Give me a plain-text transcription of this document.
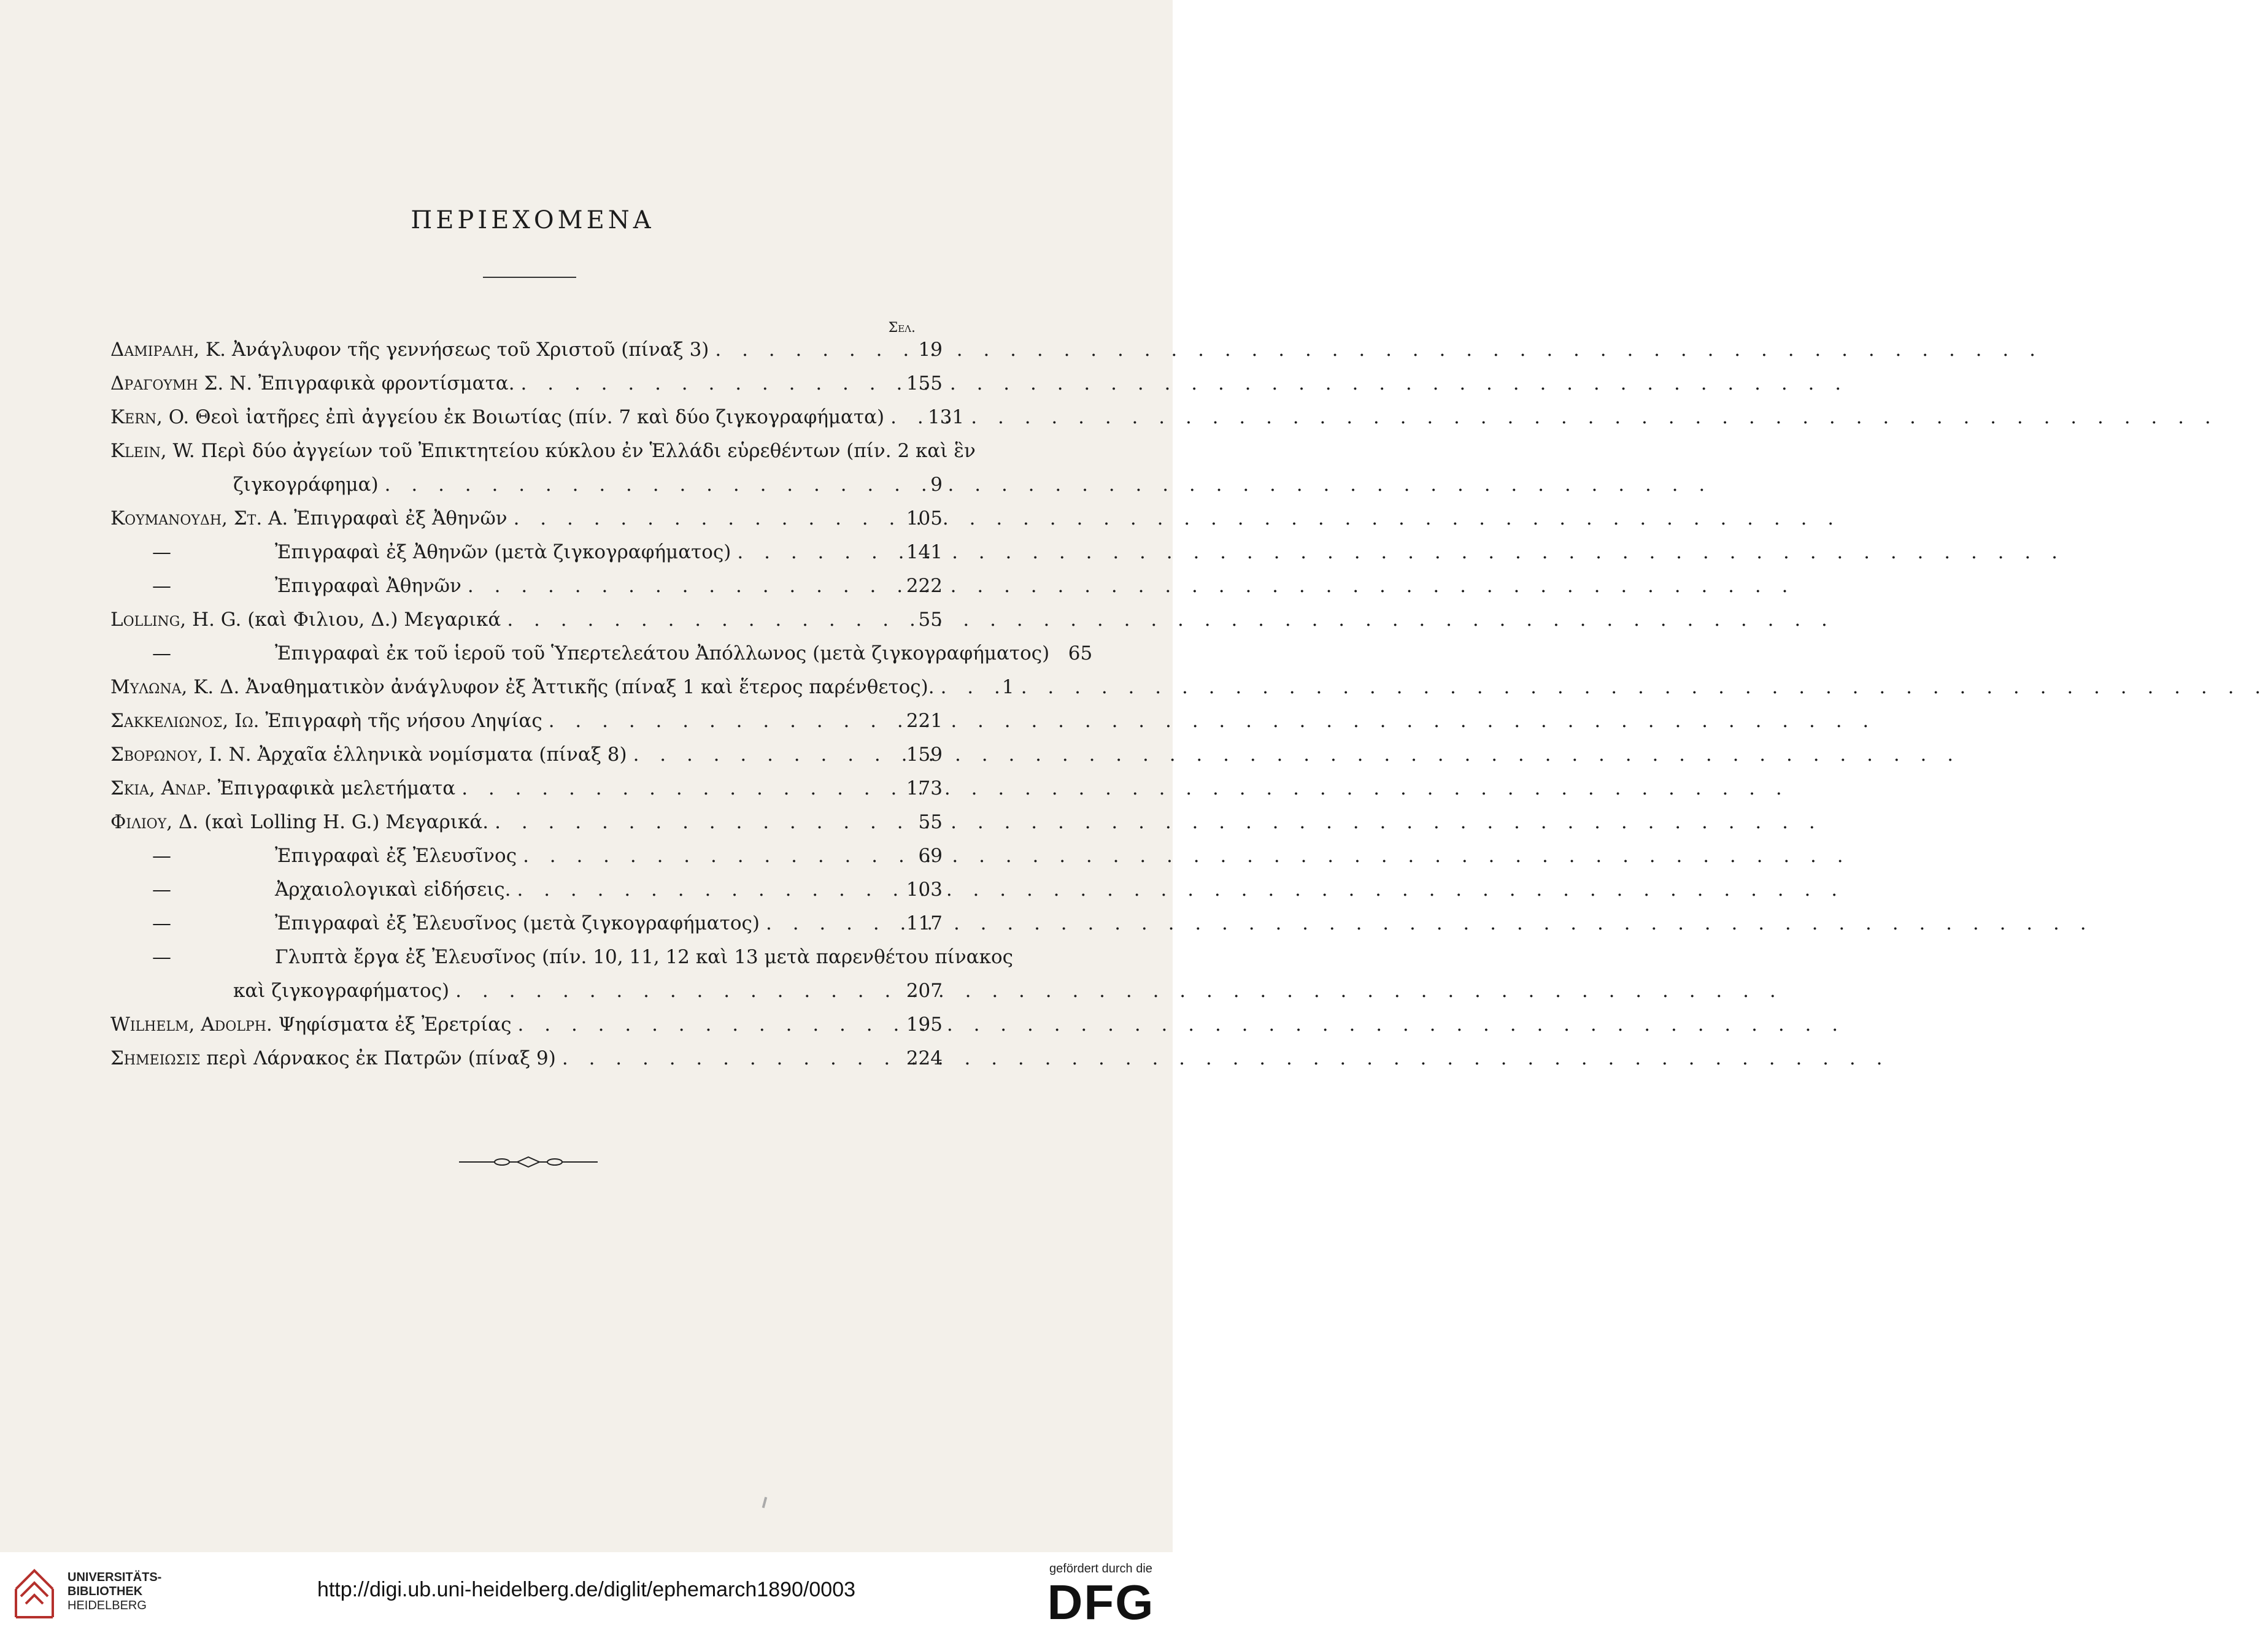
ΠΕΡΙΕΧΟΜΕΝΑ
Σελ.
Δαμιραλη, Κ.
Ἀνάγλυφον τῆς γεννήσεως τοῦ Χριστοῦ (πίναξ 3) . . .	19
Δραγουμη Σ. Ν.
Ἐπιγραφικὰ φροντίσματα. . . .	155
Kern, O.
Θεοὶ ἰατῆρες ἐπὶ ἀγγείου ἐκ Βοιωτίας (πίν. 7 καὶ δύο ζιγκογραφήματα) . . .	131
Klein, W.
Περὶ δύο ἀγγείων τοῦ Ἐπικτητείου κύκλου ἐν Ἑλλάδι εὑρεθέντων (πίν. 2 καὶ ἓν
ζιγκογράφημα) . . .	9
Κουμανουδη, Στ. Α.
Ἐπιγραφαὶ ἐξ Ἀθηνῶν . . .	105
—	Ἐπιγραφαὶ ἐξ Ἀθηνῶν (μετὰ ζιγκογραφήματος) . . .	141
—	Ἐπιγραφαὶ Ἀθηνῶν . . .	222
Lolling, H. G.
(καὶ Φιλιου, Δ.) Μεγαρικά . . .	55
—	Ἐπιγραφαὶ ἐκ τοῦ ἱεροῦ τοῦ Ὑπερτελεάτου Ἀπόλλωνος (μετὰ ζιγκογραφήματος) 65
Μυλωνα, Κ. Δ.
Ἀναθηματικὸν ἀνάγλυφον ἐξ Ἀττικῆς (πίναξ 1 καὶ ἕτερος παρένθετος). . . .	1
Σακκελιωνος, Ιω.
Ἐπιγραφὴ τῆς νήσου Ληψίας . . .	221
Σβορωνου, Ι. Ν.
Ἀρχαῖα ἑλληνικὰ νομίσματα (πίναξ 8) . . .	159
Σκια, Ανδρ.
Ἐπιγραφικὰ μελετήματα . . .	173
Φιλιου, Δ.
(καὶ Lolling H. G.) Μεγαρικά. . . .	55
—	Ἐπιγραφαὶ ἐξ Ἐλευσῖνος . . .	69
—	Ἀρχαιολογικαὶ εἰδήσεις. . . .	103
—	Ἐπιγραφαὶ ἐξ Ἐλευσῖνος (μετὰ ζιγκογραφήματος) . . .	117
—	Γλυπτὰ ἔργα ἐξ Ἐλευσῖνος (πίν. 10, 11, 12 καὶ 13 μετὰ παρενθέτου πίνακος
καὶ ζιγκογραφήματος) . . .	207
Wilhelm, Adolph.
Ψηφίσματα ἐξ Ἐρετρίας . . .	195
Σημειωσις
περὶ Λάρνακος ἐκ Πατρῶν (πίναξ 9) . . .	224
UNIVERSITÄTS-
BIBLIOTHEK
HEIDELBERG
http://digi.ub.uni-heidelberg.de/diglit/ephemarch1890/0003
gefördert durch die
DFG
